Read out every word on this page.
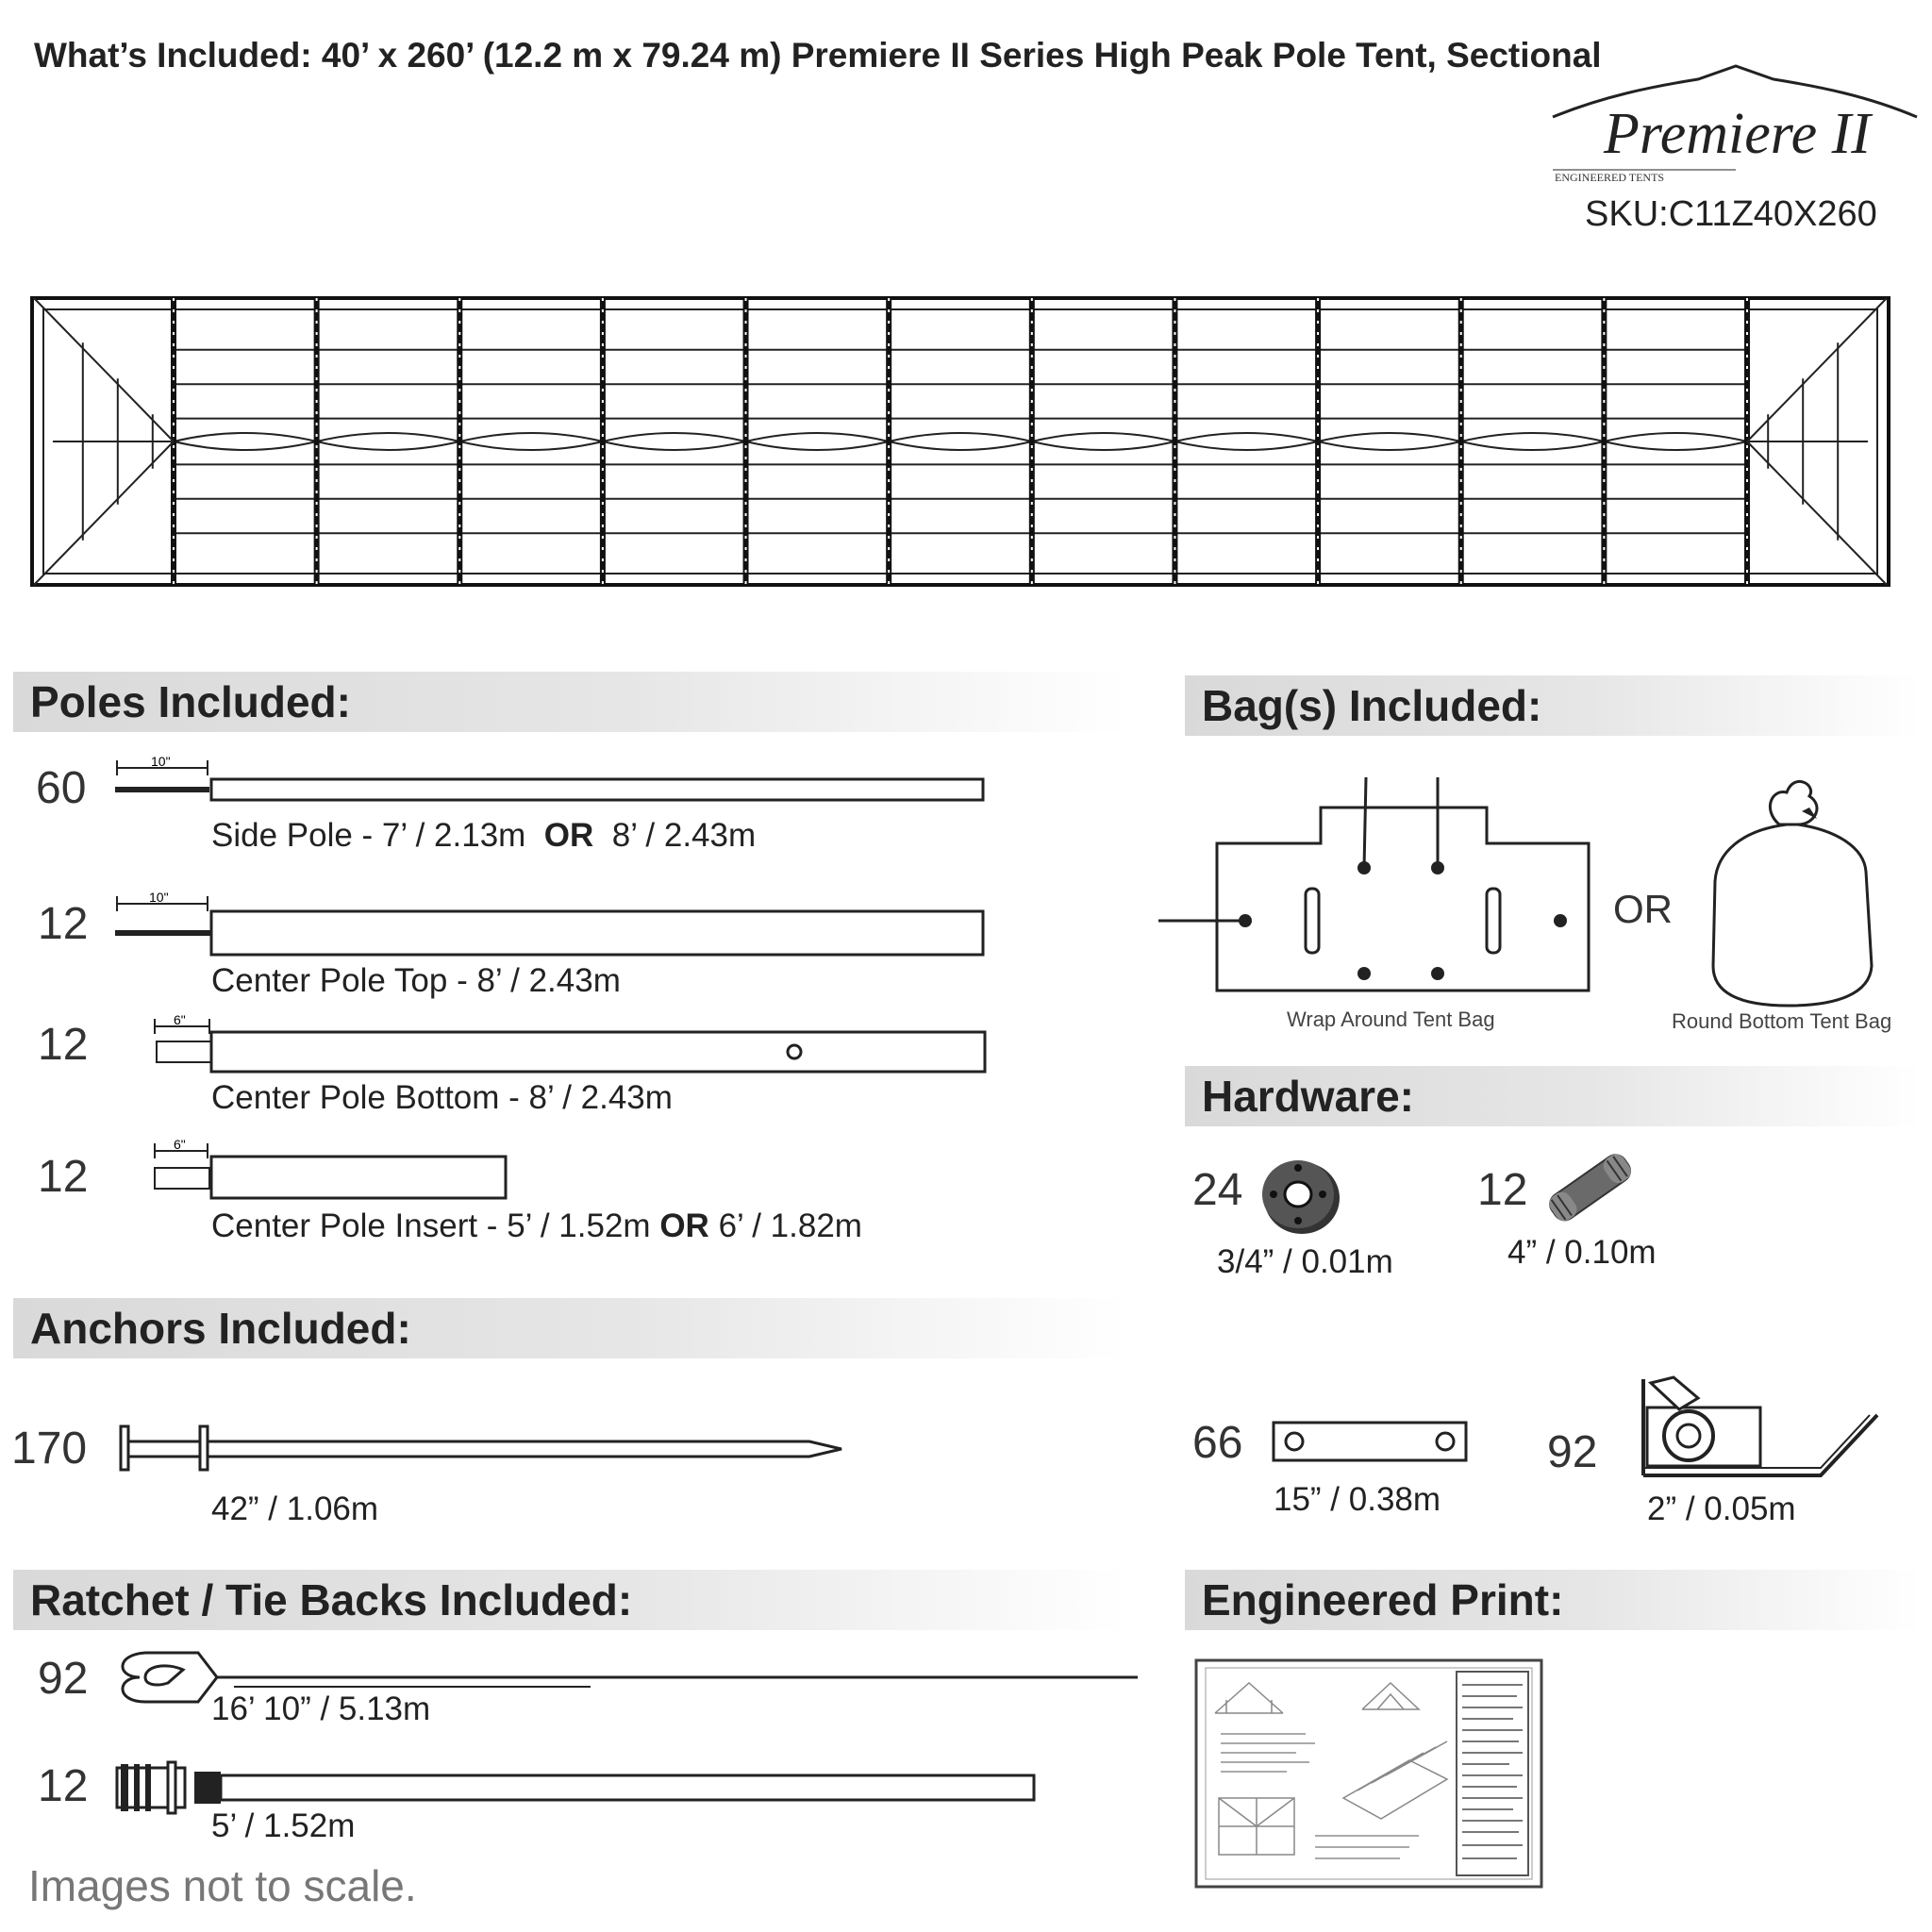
What’s Included: 40’ x 260’ (12.2 m x 79.24 m) Premiere II Series High Peak Pole Tent, Sectional
Premiere II
ENGINEERED TENTS
SKU:C11Z40X260
Poles Included:
60
10"
Side Pole - 7’ / 2.13m OR 8’ / 2.43m
12
10"
Center Pole Top - 8’ / 2.43m
12	6"
Center Pole Bottom - 8’ / 2.43m
12
6"
Center Pole Insert - 5’ / 1.52m OR 6’ / 1.82m
Anchors Included:
170
42” / 1.06m
Ratchet / Tie Backs Included:
92
16’ 10” / 5.13m
12
5’ / 1.52m
Images not to scale.
Bag(s) Included:
Wrap Around Tent Bag
OR
Round Bottom Tent Bag
Hardware:
24
3/4” / 0.01m
12
4” / 0.10m
66
15” / 0.38m
92
2” / 0.05m
Engineered Print:
